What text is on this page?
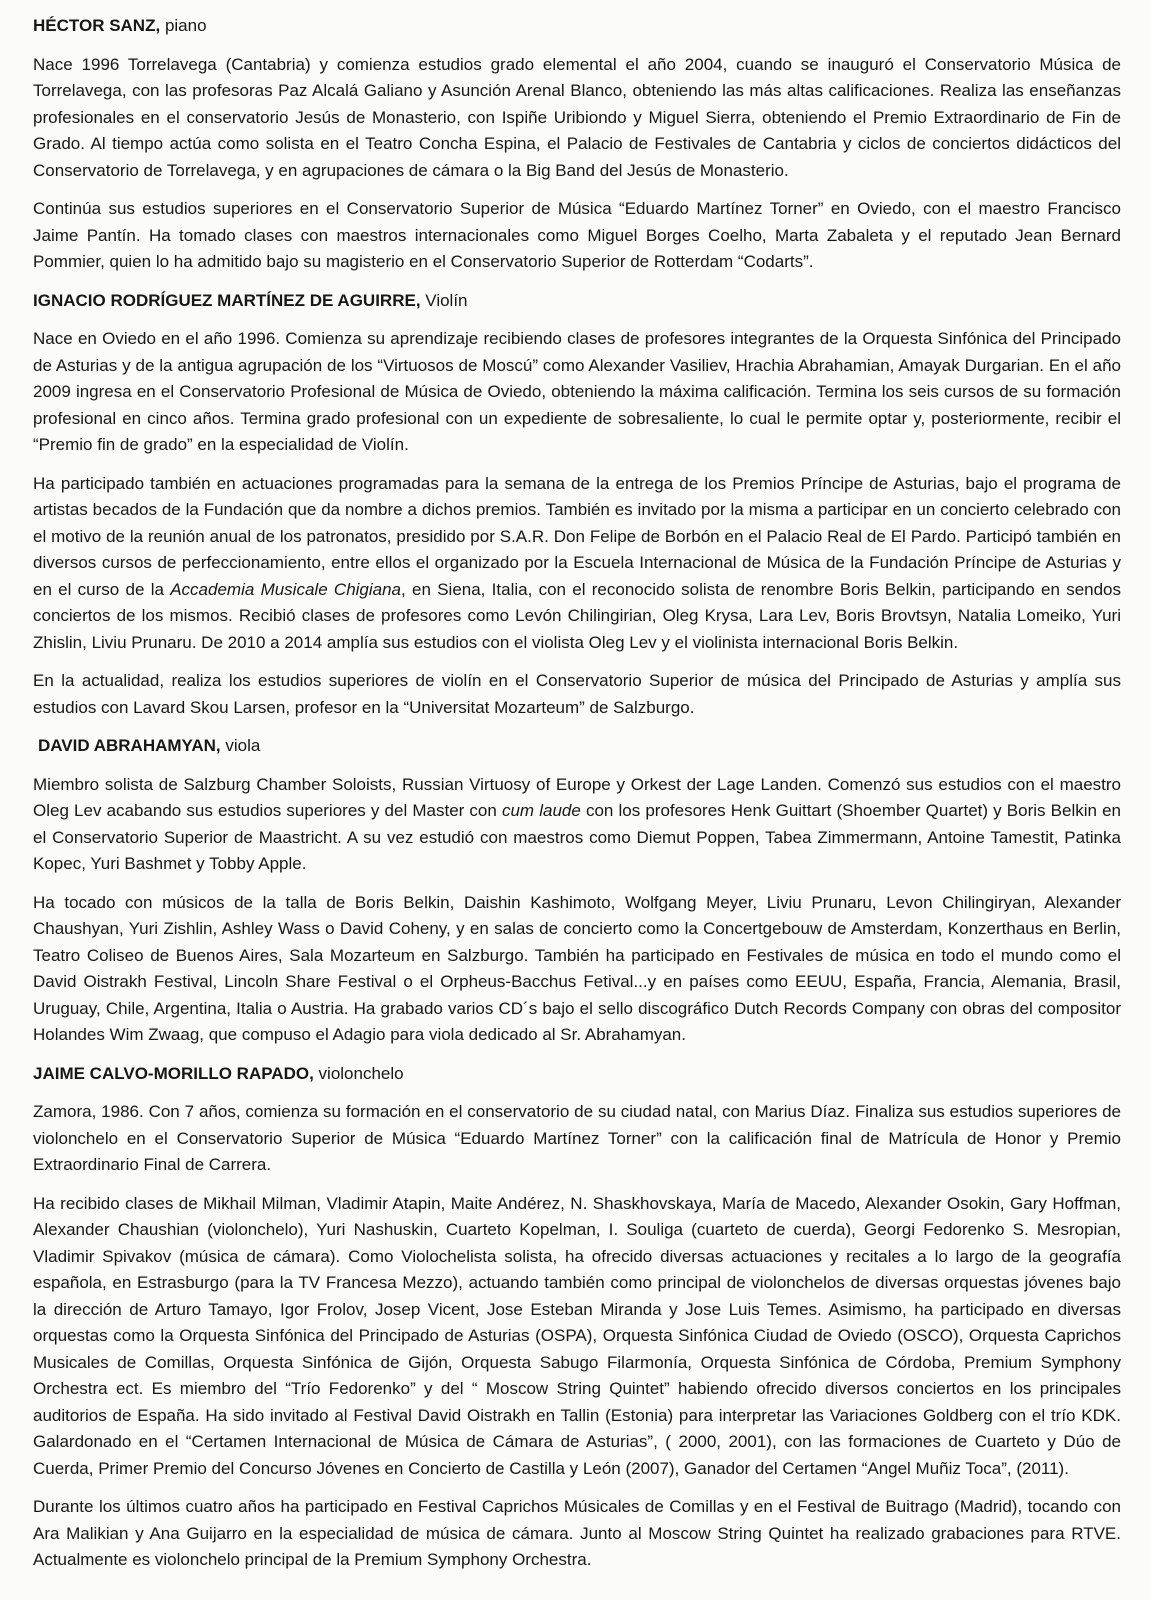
HÉCTOR SANZ, piano

Nace 1996 Torrelavega (Cantabria) y comienza estudios grado elemental el año 2004, cuando se inauguró el Conservatorio Música de Torrelavega, con las profesoras Paz Alcalá Galiano y Asunción Arenal Blanco, obteniendo las más altas calificaciones. Realiza las enseñanzas profesionales en el conservatorio Jesús de Monasterio, con Ispiñe Uribiondo y Miguel Sierra, obteniendo el Premio Extraordinario de Fin de Grado. Al tiempo actúa como solista en el Teatro Concha Espina, el Palacio de Festivales de Cantabria y ciclos de conciertos didácticos del Conservatorio de Torrelavega, y en agrupaciones de cámara o la Big Band del Jesús de Monasterio.

Continúa sus estudios superiores en el Conservatorio Superior de Música “Eduardo Martínez Torner” en Oviedo, con el maestro Francisco Jaime Pantín. Ha tomado clases con maestros internacionales como Miguel Borges Coelho, Marta Zabaleta y el reputado Jean Bernard Pommier, quien lo ha admitido bajo su magisterio en el Conservatorio Superior de Rotterdam “Codarts”.

IGNACIO RODRÍGUEZ MARTÍNEZ DE AGUIRRE, Violín

Nace en Oviedo en el año 1996. Comienza su aprendizaje recibiendo clases de profesores integrantes de la Orquesta Sinfónica del Principado de Asturias y de la antigua agrupación de los “Virtuosos de Moscú” como Alexander Vasiliev, Hrachia Abrahamian, Amayak Durgarian. En el año 2009 ingresa en el Conservatorio Profesional de Música de Oviedo, obteniendo la máxima calificación. Termina los seis cursos de su formación profesional en cinco años. Termina grado profesional con un expediente de sobresaliente, lo cual le permite optar y, posteriormente, recibir el “Premio fin de grado” en la especialidad de Violín.

Ha participado también en actuaciones programadas para la semana de la entrega de los Premios Príncipe de Asturias, bajo el programa de artistas becados de la Fundación que da nombre a dichos premios. También es invitado por la misma a participar en un concierto celebrado con el motivo de la reunión anual de los patronatos, presidido por S.A.R. Don Felipe de Borbón en el Palacio Real de El Pardo. Participó también en diversos cursos de perfeccionamiento, entre ellos el organizado por la Escuela Internacional de Música de la Fundación Príncipe de Asturias y en el curso de la Accademia Musicale Chigiana, en Siena, Italia, con el reconocido solista de renombre Boris Belkin, participando en sendos conciertos de los mismos. Recibió clases de profesores como Levón Chilingirian, Oleg Krysa, Lara Lev, Boris Brovtsyn, Natalia Lomeiko, Yuri Zhislin, Liviu Prunaru. De 2010 a 2014 amplía sus estudios con el violista Oleg Lev y el violinista internacional Boris Belkin.

En la actualidad, realiza los estudios superiores de violín en el Conservatorio Superior de música del Principado de Asturias y amplía sus estudios con Lavard Skou Larsen, profesor en la “Universitat Mozarteum” de Salzburgo.

DAVID ABRAHAMYAN, viola

Miembro solista de Salzburg Chamber Soloists, Russian Virtuosy of Europe y Orkest der Lage Landen. Comenzó sus estudios con el maestro Oleg Lev acabando sus estudios superiores y del Master con cum laude con los profesores Henk Guittart (Shoember Quartet) y Boris Belkin en el Conservatorio Superior de Maastricht. A su vez estudió con maestros como Diemut Poppen, Tabea Zimmermann, Antoine Tamestit, Patinka Kopec, Yuri Bashmet y Tobby Apple.

Ha tocado con músicos de la talla de Boris Belkin, Daishin Kashimoto, Wolfgang Meyer, Liviu Prunaru, Levon Chilingiryan, Alexander Chaushyan, Yuri Zishlin, Ashley Wass o David Coheny, y en salas de concierto como la Concertgebouw de Amsterdam, Konzerthaus en Berlin, Teatro Coliseo de Buenos Aires, Sala Mozarteum en Salzburgo. También ha participado en Festivales de música en todo el mundo como el David Oistrakh Festival, Lincoln Share Festival o el Orpheus-Bacchus Fetival...y en países como EEUU, España, Francia, Alemania, Brasil, Uruguay, Chile, Argentina, Italia o Austria. Ha grabado varios CD´s bajo el sello discográfico Dutch Records Company con obras del compositor Holandes Wim Zwaag, que compuso el Adagio para viola dedicado al Sr. Abrahamyan.

JAIME CALVO-MORILLO RAPADO, violonchelo

Zamora, 1986. Con 7 años, comienza su formación en el conservatorio de su ciudad natal, con Marius Díaz. Finaliza sus estudios superiores de violonchelo en el Conservatorio Superior de Música “Eduardo Martínez Torner” con la calificación final de Matrícula de Honor y Premio Extraordinario Final de Carrera.

Ha recibido clases de Mikhail Milman, Vladimir Atapin, Maite Andérez, N. Shaskhovskaya, María de Macedo, Alexander Osokin, Gary Hoffman, Alexander Chaushian (violonchelo), Yuri Nashuskin, Cuarteto Kopelman, I. Souliga (cuarteto de cuerda), Georgi Fedorenko S. Mesropian, Vladimir Spivakov (música de cámara). Como Violochelista solista, ha ofrecido diversas actuaciones y recitales a lo largo de la geografía española, en Estrasburgo (para la TV Francesa Mezzo), actuando también como principal de violonchelos de diversas orquestas jóvenes bajo la dirección de Arturo Tamayo, Igor Frolov, Josep Vicent, Jose Esteban Miranda y Jose Luis Temes. Asimismo, ha participado en diversas orquestas como la Orquesta Sinfónica del Principado de Asturias (OSPA), Orquesta Sinfónica Ciudad de Oviedo (OSCO), Orquesta Caprichos Musicales de Comillas, Orquesta Sinfónica de Gijón, Orquesta Sabugo Filarmonía, Orquesta Sinfónica de Córdoba, Premium Symphony Orchestra ect. Es miembro del “Trío Fedorenko” y del “ Moscow String Quintet” habiendo ofrecido diversos conciertos en los principales auditorios de España. Ha sido invitado al Festival David Oistrakh en Tallin (Estonia) para interpretar las Variaciones Goldberg con el trío KDK. Galardonado en el “Certamen Internacional de Música de Cámara de Asturias”, ( 2000, 2001), con las formaciones de Cuarteto y Dúo de Cuerda, Primer Premio del Concurso Jóvenes en Concierto de Castilla y León (2007), Ganador del Certamen “Angel Muñiz Toca”, (2011).

Durante los últimos cuatro años ha participado en Festival Caprichos Músicales de Comillas y en el Festival de Buitrago (Madrid), tocando con Ara Malikian y Ana Guijarro en la especialidad de música de cámara. Junto al Moscow String Quintet ha realizado grabaciones para RTVE. Actualmente es violonchelo principal de la Premium Symphony Orchestra.
